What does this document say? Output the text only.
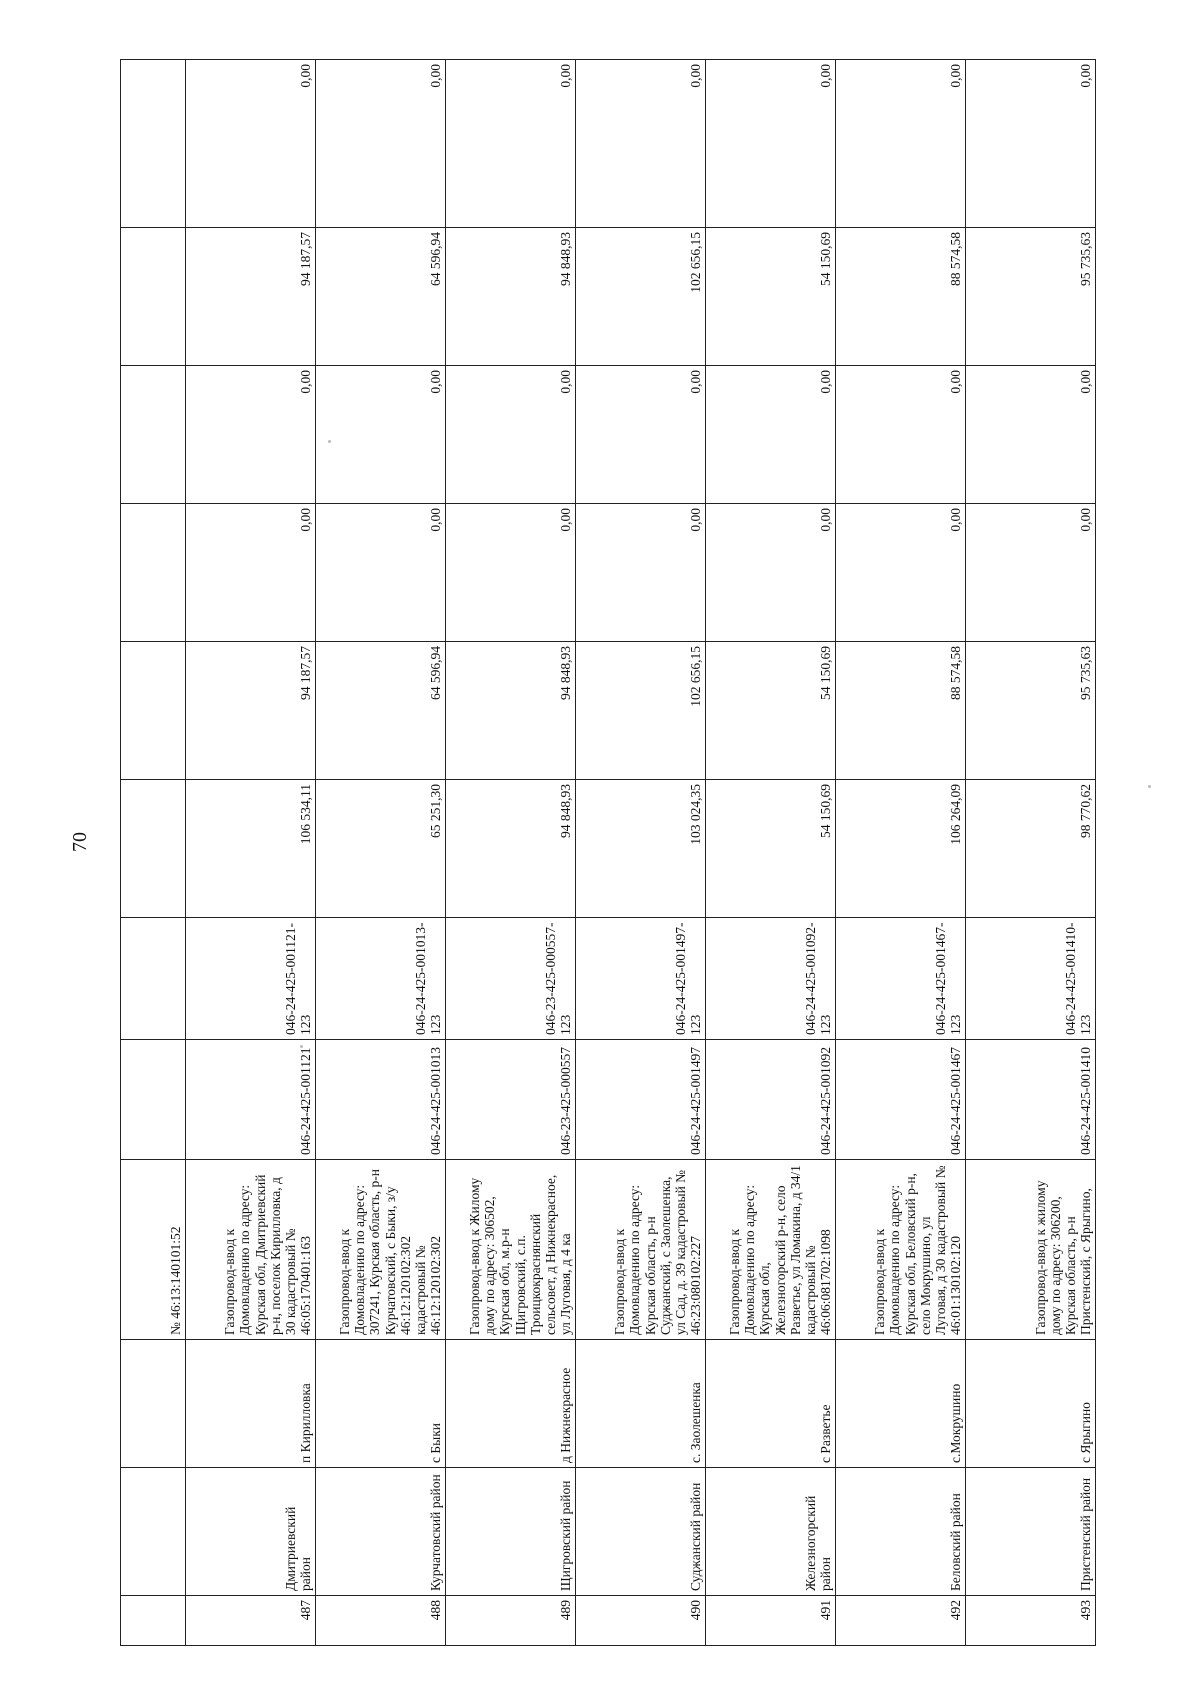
70
			№ 46:13:140101:52								
487	Дмитриевский район	п Кирилловка	Газопровод-ввод к Домовладению по адресу: Курская обл, Дмитриевский р-н, поселок Кирилловка, д 30 кадастровый № 46:05:170401:163	046-24-425-001121	046-24-425-001121-123	106 534,11	94 187,57	0,00	0,00	94 187,57	0,00
488	Курчатовский район	с Быки	Газопровод-ввод к Домовладению по адресу: 307241, Курская область, р-н Курчатовский, с Быки, з/у 46:12:120102:302 кадастровый № 46:12:120102:302	046-24-425-001013	046-24-425-001013-123	65 251,30	64 596,94	0,00	0,00	64 596,94	0,00
489	Щигровский район	д Нижнекраcное	Газопровод-ввод к Жилому дому по адресу: 306502, Курская обл, м.р-н Щигровский, с.п. Троицкокраснянский сельсовет, д Нижнекраcное, ул Луговая, д 4 ка	046-23-425-000557	046-23-425-000557-123	94 848,93	94 848,93	0,00	0,00	94 848,93	0,00
490	Суджанский район	с. Заолешенка	Газопровод-ввод к Домовладению по адресу: Курская область, р-н Суджанский, с Заолешенка, ул Сад, д. 39 кадастровый № 46:23:080102:227	046-24-425-001497	046-24-425-001497-123	103 024,35	102 656,15	0,00	0,00	102 656,15	0,00
491	Железногорский район	с Разветье	Газопровод-ввод к Домовладению по адресу: Курская обл, Железногорский р-н, село Разветье, ул Ломакина, д 34/1 кадастровый № 46:06:081702:1098	046-24-425-001092	046-24-425-001092-123	54 150,69	54 150,69	0,00	0,00	54 150,69	0,00
492	Беловский район	с.Мокрушино	Газопровод-ввод к Домовладению по адресу: Курская обл, Беловский р-н, село Мокрушино, ул Луговая, д 30 кадастровый № 46:01:130102:120	046-24-425-001467	046-24-425-001467-123	106 264,09	88 574,58	0,00	0,00	88 574,58	0,00
493	Пристенский район	с Ярыгино	Газопровод-ввод к жилому дому по адресу: 306200, Курская область, р-н Пристенский, с Ярыгино,	046-24-425-001410	046-24-425-001410-123	98 770,62	95 735,63	0,00	0,00	95 735,63	0,00
